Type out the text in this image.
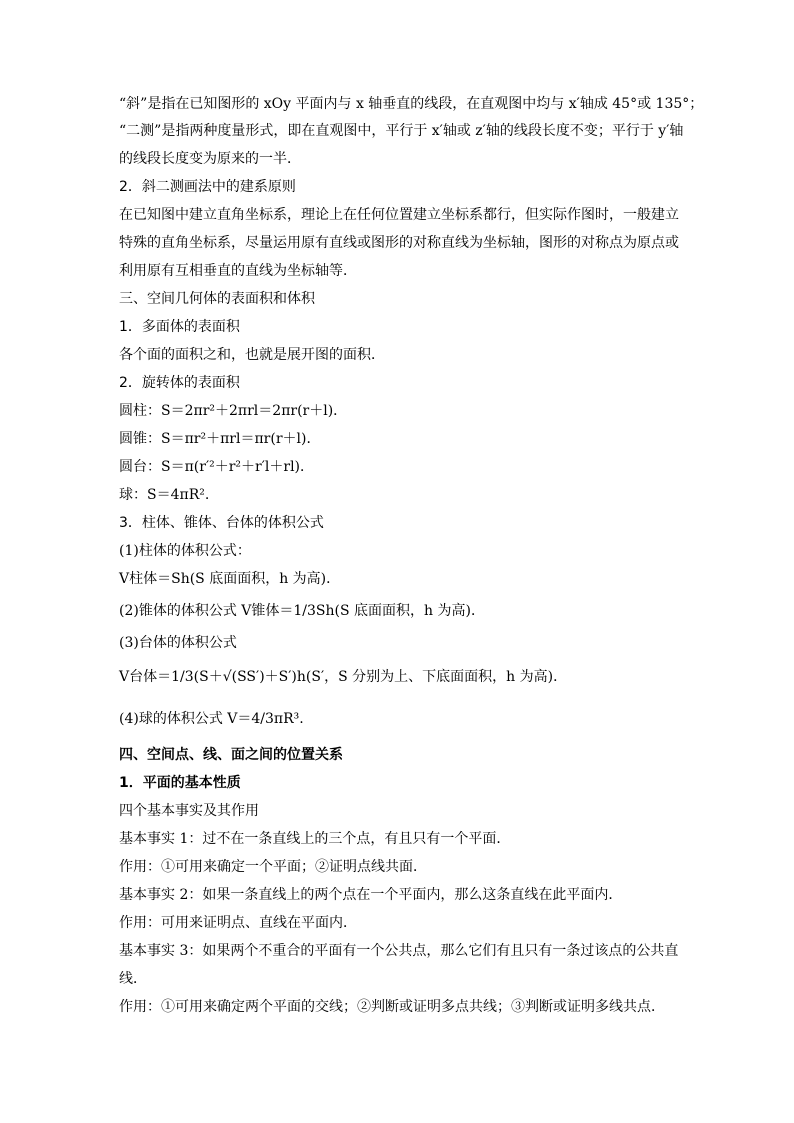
“斜”是指在已知图形的 xOy 平面内与 x 轴垂直的线段，在直观图中均与 x′轴成 45°或 135°；
“二测”是指两种度量形式，即在直观图中，平行于 x′轴或 z′轴的线段长度不变；平行于 y′轴
的线段长度变为原来的一半．
2．斜二测画法中的建系原则
在已知图中建立直角坐标系，理论上在任何位置建立坐标系都行，但实际作图时，一般建立
特殊的直角坐标系，尽量运用原有直线或图形的对称直线为坐标轴，图形的对称点为原点或
利用原有互相垂直的直线为坐标轴等．
三、空间几何体的表面积和体积
1．多面体的表面积
各个面的面积之和，也就是展开图的面积．
2．旋转体的表面积
圆柱：S＝2πr²＋2πrl＝2πr(r＋l)．
圆锥：S＝πr²＋πrl＝πr(r＋l)．
圆台：S＝π(r′²＋r²＋r′l＋rl)．
球：S＝4πR².
3．柱体、锥体、台体的体积公式
(1)柱体的体积公式：
V柱体＝Sh(S 底面面积，h 为高)．
(2)锥体的体积公式 V锥体＝1/3Sh(S 底面面积，h 为高)．
(3)台体的体积公式
V台体＝1/3(S＋√(SS′)＋S′)h(S′，S 分别为上、下底面面积，h 为高)．
(4)球的体积公式 V＝4/3πR³.
四、空间点、线、面之间的位置关系
1．平面的基本性质
四个基本事实及其作用
基本事实 1：过不在一条直线上的三个点，有且只有一个平面．
作用：①可用来确定一个平面；②证明点线共面．
基本事实 2：如果一条直线上的两个点在一个平面内，那么这条直线在此平面内．
作用：可用来证明点、直线在平面内．
基本事实 3：如果两个不重合的平面有一个公共点，那么它们有且只有一条过该点的公共直
线．
作用：①可用来确定两个平面的交线；②判断或证明多点共线；③判断或证明多线共点．
